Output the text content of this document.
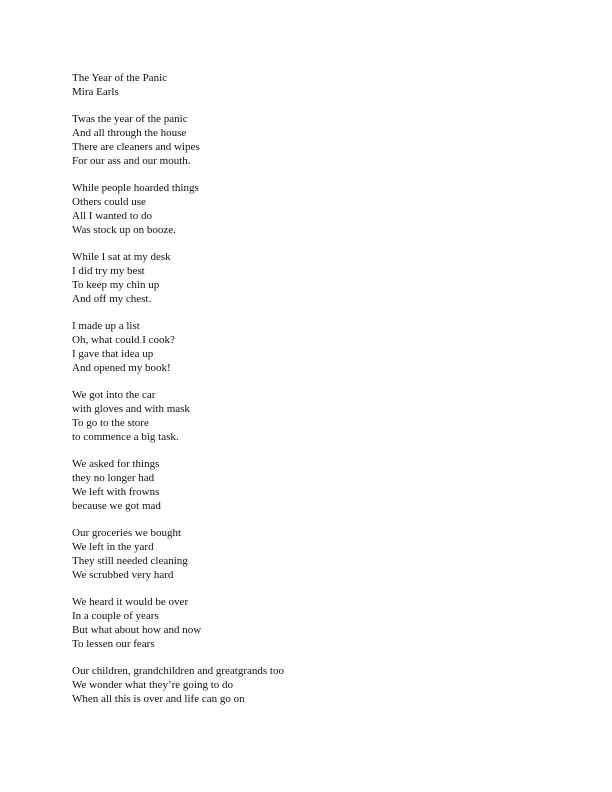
The Year of the Panic
Mira Earls
Twas the year of the panic
And all through the house
There are cleaners and wipes
For our ass and our mouth.
While people hoarded things
Others could use
All I wanted to do
Was stock up on booze.
While I sat at my desk
I did try my best
To keep my chin up
And off my chest.
I made up a list
Oh, what could I cook?
I gave that idea up
And opened my book!
We got into the car
with gloves and with mask
To go to the store
to commence a big task.
We asked for things
they no longer had
We left with frowns
because we got mad
Our groceries we bought
We left in the yard
They still needed cleaning
We scrubbed very hard
We heard it would be over
In a couple of years
But what about how and now
To lessen our fears
Our children, grandchildren and greatgrands too
We wonder what they’re going to do
When all this is over and life can go on
